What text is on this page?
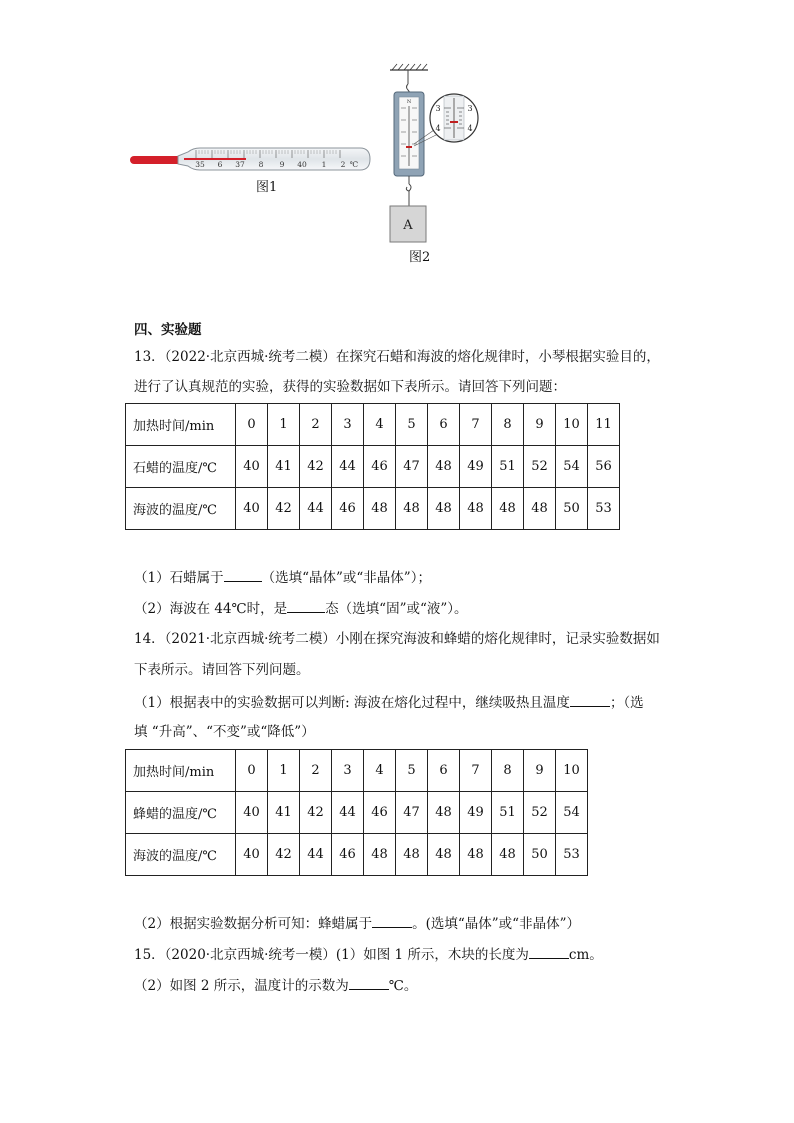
35 6 37 8 9 40 1 2 ℃
图1
N
A
3	3
4	4
图2
四、实验题
13．（2022·北京西城·统考二模）在探究石蜡和海波的熔化规律时，小琴根据实验目的，
进行了认真规范的实验，获得的实验数据如下表所示。请回答下列问题：
加热时间/min	0	1	2	3	4	5	6	7	8	9	10	11
石蜡的温度/℃	40	41	42	44	46	47	48	49	51	52	54	56
海波的温度/℃	40	42	44	46	48	48	48	48	48	48	50	53
（1）石蜡属于	（选填“晶体”或“非晶体”）；
（2）海波在 44℃时，是	态（选填“固”或“液”）。
14．（2021·北京西城·统考二模）小刚在探究海波和蜂蜡的熔化规律时，记录实验数据如
下表所示。请回答下列问题。
（1）根据表中的实验数据可以判断: 海波在熔化过程中，继续吸热且温度	；（选
填 “升高”、“不变”或“降低”）
加热时间/min	0	1	2	3	4	5	6	7	8	9	10
蜂蜡的温度/℃	40	41	42	44	46	47	48	49	51	52	54
海波的温度/℃	40	42	44	46	48	48	48	48	48	50	53
（2）根据实验数据分析可知：蜂蜡属于	。(选填“晶体”或“非晶体”）
15．（2020·北京西城·统考一模）(1）如图 1 所示，木块的长度为	cm。
（2）如图 2 所示，温度计的示数为	℃。
